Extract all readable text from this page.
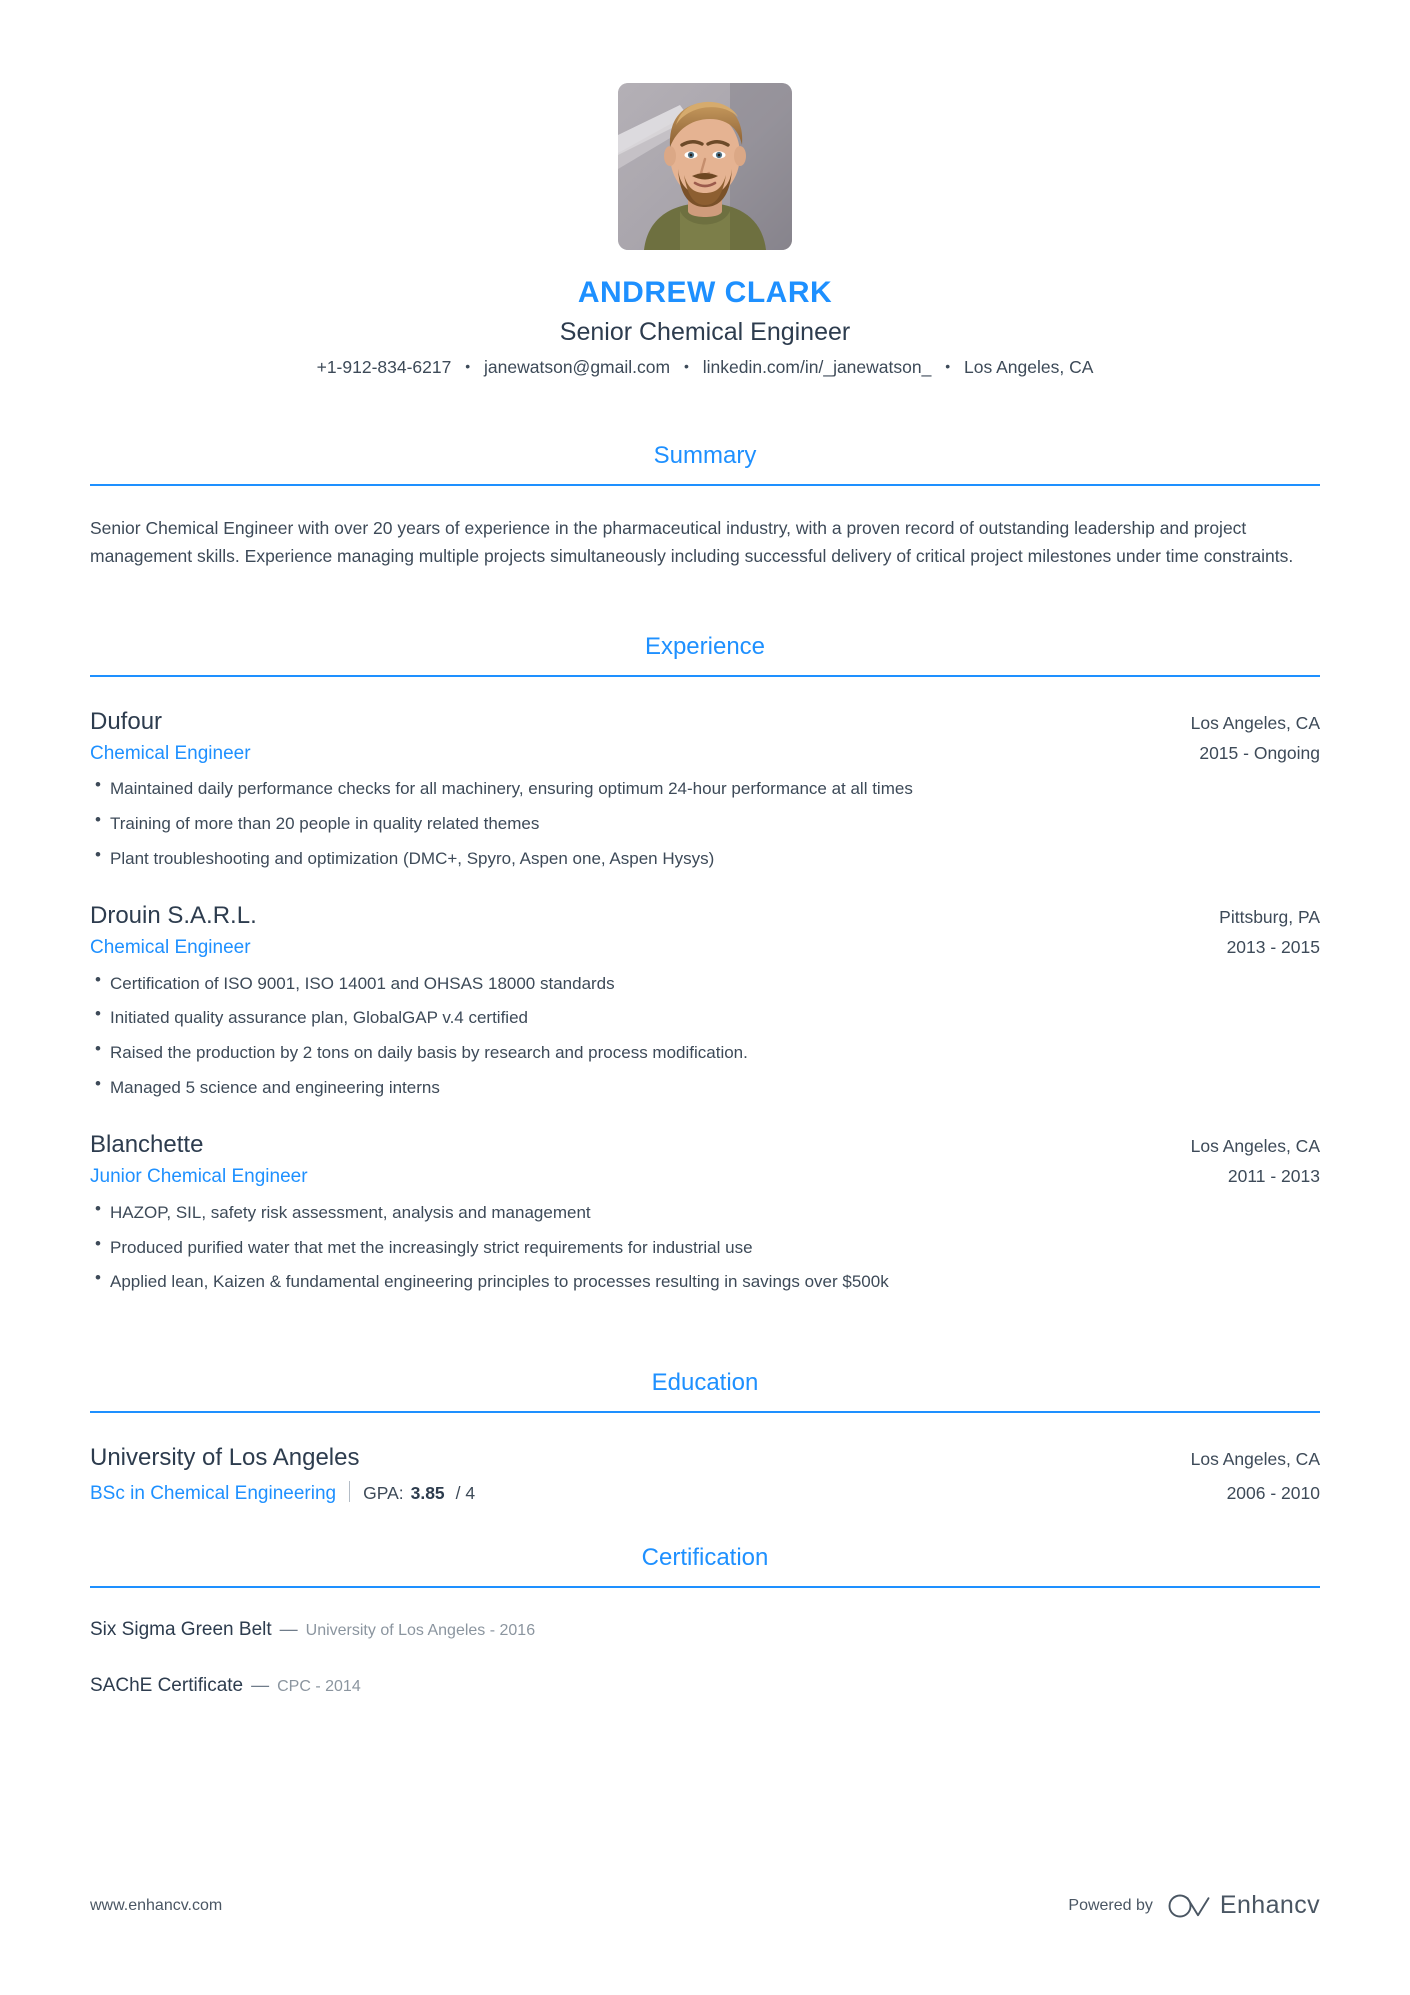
ANDREW CLARK
Senior Chemical Engineer
+1-912-834-6217 • janewatson@gmail.com • linkedin.com/in/_janewatson_ • Los Angeles, CA
Summary

Senior Chemical Engineer with over 20 years of experience in the pharmaceutical industry, with a proven record of outstanding leadership and project management skills. Experience managing multiple projects simultaneously including successful delivery of critical project milestones under time constraints.

Experience
Dufour	Los Angeles, CA
Chemical Engineer	2015 - Ongoing
• Maintained daily performance checks for all machinery, ensuring optimum 24-hour performance at all times
• Training of more than 20 people in quality related themes
• Plant troubleshooting and optimization (DMC+, Spyro, Aspen one, Aspen Hysys)
Drouin S.A.R.L.	Pittsburg, PA
Chemical Engineer	2013 - 2015
• Certification of ISO 9001, ISO 14001 and OHSAS 18000 standards
• Initiated quality assurance plan, GlobalGAP v.4 certified
• Raised the production by 2 tons on daily basis by research and process modification.
• Managed 5 science and engineering interns
Blanchette	Los Angeles, CA
Junior Chemical Engineer	2011 - 2013
• HAZOP, SIL, safety risk assessment, analysis and management
• Produced purified water that met the increasingly strict requirements for industrial use
• Applied lean, Kaizen & fundamental engineering principles to processes resulting in savings over $500k
Education
University of Los Angeles	Los Angeles, CA
BSc in Chemical Engineering GPA: 3.85 / 4	2006 - 2010
Certification
Six Sigma Green Belt — University of Los Angeles - 2016
SAChE Certificate — CPC - 2014
www.enhancv.com	Powered by	Enhancv
